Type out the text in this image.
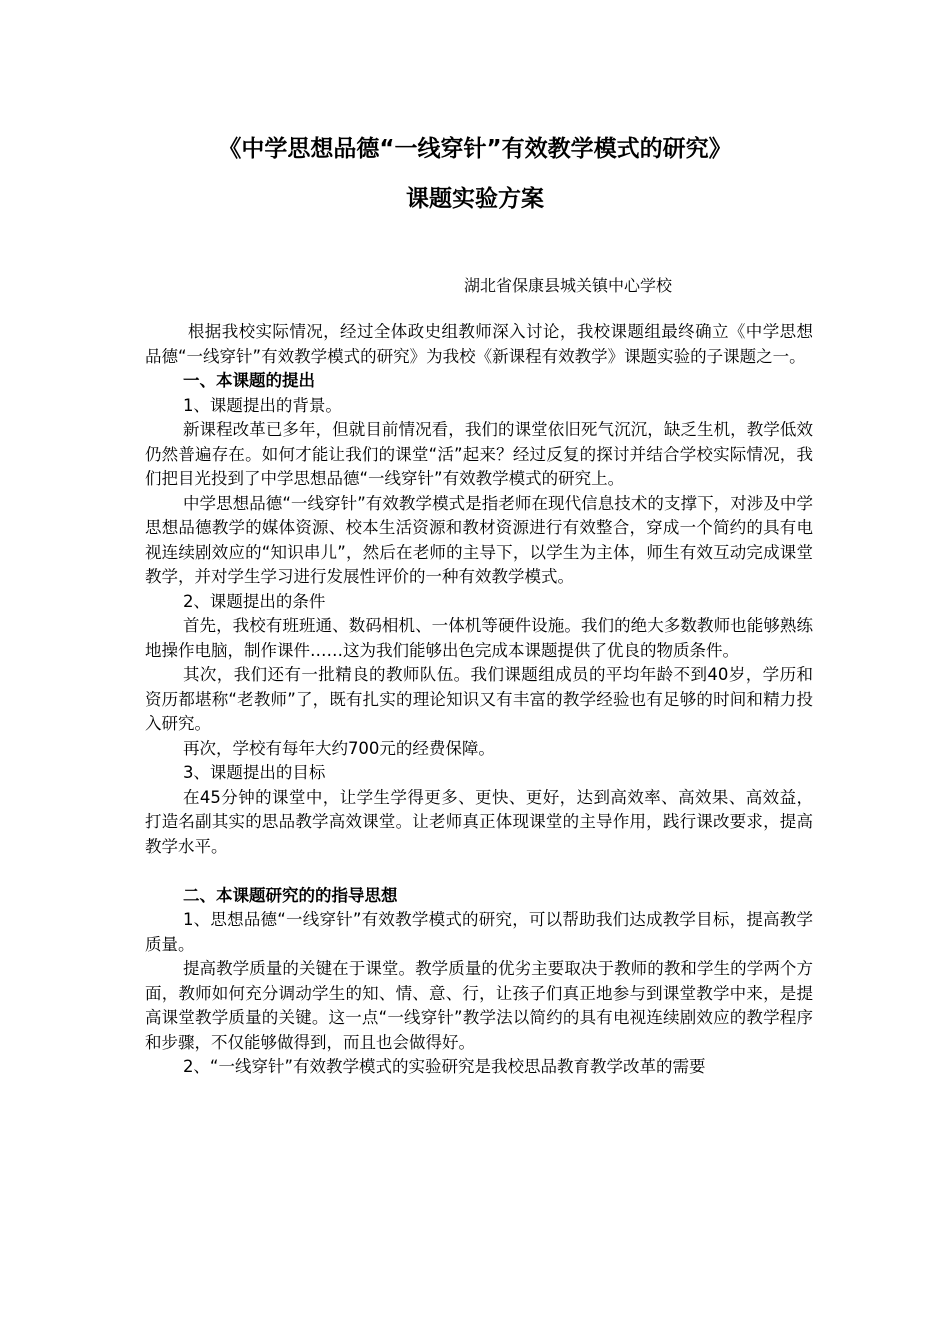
《中学思想品德“一线穿针”有效教学模式的研究》
课题实验方案
湖北省保康县城关镇中心学校

根据我校实际情况，经过全体政史组教师深入讨论，我校课题组最终确立《中学思想品德“一线穿针”有效教学模式的研究》为我校《新课程有效教学》课题实验的子课题之一。

一、本课题的提出

1、课题提出的背景。

新课程改革已多年，但就目前情况看，我们的课堂依旧死气沉沉，缺乏生机，教学低效仍然普遍存在。如何才能让我们的课堂“活”起来？经过反复的探讨并结合学校实际情况，我们把目光投到了中学思想品德“一线穿针”有效教学模式的研究上。

中学思想品德“一线穿针”有效教学模式是指老师在现代信息技术的支撑下，对涉及中学思想品德教学的媒体资源、校本生活资源和教材资源进行有效整合，穿成一个简约的具有电视连续剧效应的“知识串儿”，然后在老师的主导下，以学生为主体，师生有效互动完成课堂教学，并对学生学习进行发展性评价的一种有效教学模式。

2、课题提出的条件

首先，我校有班班通、数码相机、一体机等硬件设施。我们的绝大多数教师也能够熟练地操作电脑，制作课件……这为我们能够出色完成本课题提供了优良的物质条件。

其次，我们还有一批精良的教师队伍。我们课题组成员的平均年龄不到40岁，学历和资历都堪称“老教师”了，既有扎实的理论知识又有丰富的教学经验也有足够的时间和精力投入研究。

再次，学校有每年大约700元的经费保障。

3、课题提出的目标

在45分钟的课堂中，让学生学得更多、更快、更好，达到高效率、高效果、高效益，打造名副其实的思品教学高效课堂。让老师真正体现课堂的主导作用，践行课改要求，提高教学水平。

二、本课题研究的的指导思想

1、思想品德“一线穿针”有效教学模式的研究，可以帮助我们达成教学目标，提高教学质量。

提高教学质量的关键在于课堂。教学质量的优劣主要取决于教师的教和学生的学两个方面，教师如何充分调动学生的知、情、意、行，让孩子们真正地参与到课堂教学中来，是提高课堂教学质量的关键。这一点“一线穿针”教学法以简约的具有电视连续剧效应的教学程序和步骤，不仅能够做得到，而且也会做得好。

2、“一线穿针”有效教学模式的实验研究是我校思品教育教学改革的需要
